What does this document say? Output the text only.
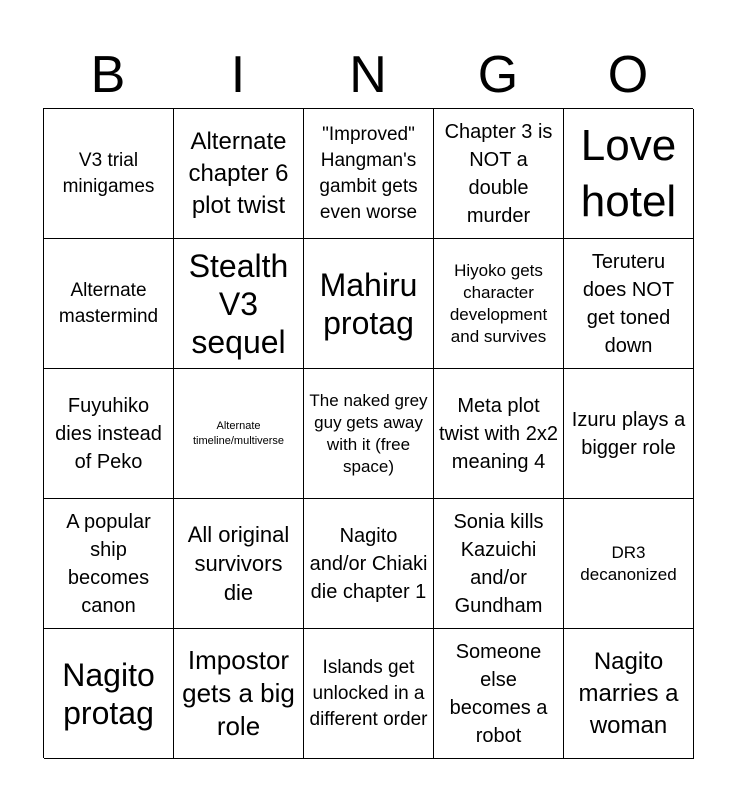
B	I	N	G	O
V3 trial minigames
Alternate chapter 6 plot twist
"Improved" Hangman's gambit gets even worse
Chapter 3 is NOT a double murder
Love hotel
Alternate mastermind
Stealth V3 sequel
Mahiru protag
Hiyoko gets character development and survives
Teruteru does NOT get toned down
Fuyuhiko dies instead of Peko
Alternate timeline/multiverse
The naked grey guy gets away with it (free space)
Meta plot twist with 2x2 meaning 4
Izuru plays a bigger role
A popular ship becomes canon
All original survivors die
Nagito and/or Chiaki die chapter 1
Sonia kills Kazuichi and/or Gundham
DR3 decanonized
Nagito protag
Impostor gets a big role
Islands get unlocked in a different order
Someone else becomes a robot
Nagito marries a woman
